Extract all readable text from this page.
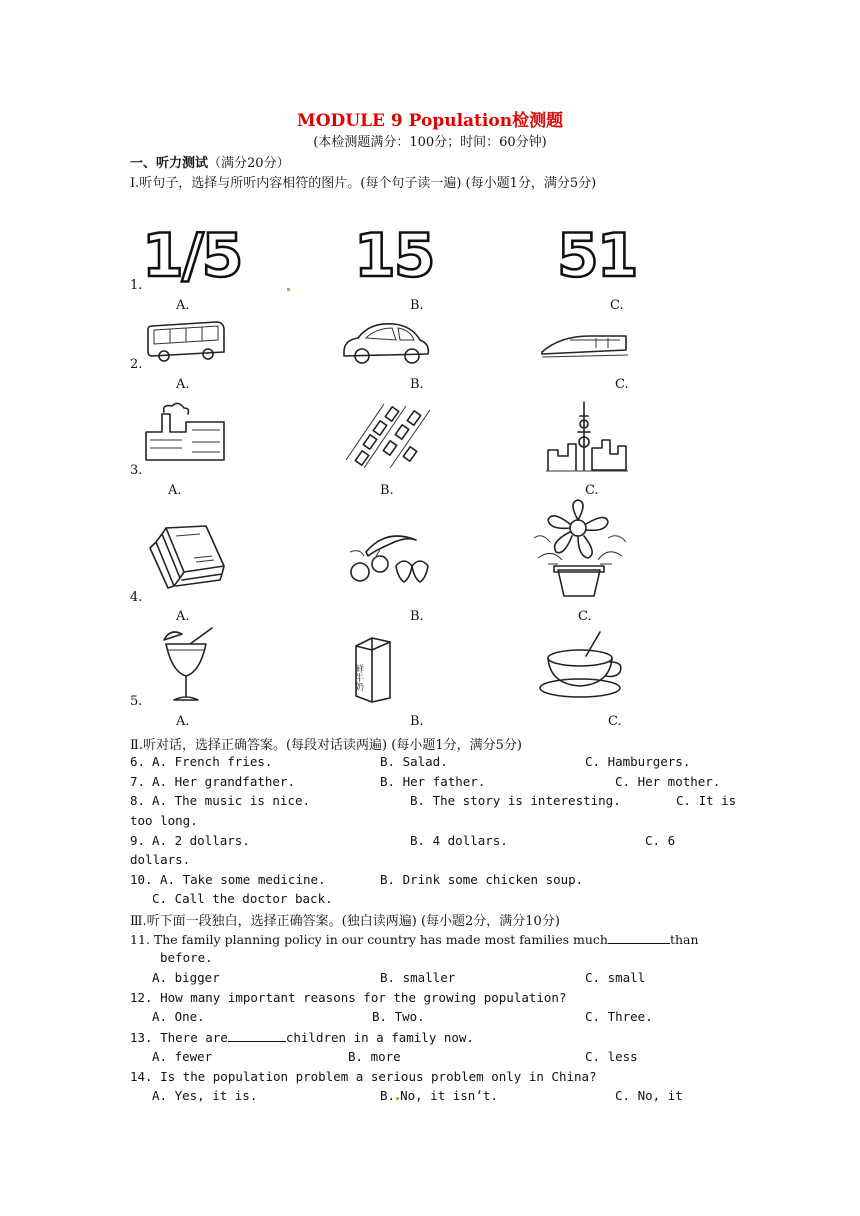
MODULE 9 Population检测题
(本检测题满分：100分；时间：60分钟)
一、听力测试（满分20分）
Ⅰ.听句子，选择与所听内容相符的图片。(每个句子读一遍) (每小题1分，满分5分)
1/5 15 51
1.
A.	B.	C.
2.
A.	B.	C.
3.
A.	B.	C.
4.
A.	B.	C.
鲜牛奶
5.
A.	B.	C.
Ⅱ.听对话，选择正确答案。(每段对话读两遍) (每小题1分，满分5分)
6. A. French fries.	B. Salad.	C. Hamburgers.
7. A. Her grandfather.	B. Her father.	C. Her mother.
8. A. The music is nice.	B. The story is interesting.	C. It is
too long.
9. A. 2 dollars.	B. 4 dollars.	C. 6
dollars.
10. A. Take some medicine.	B. Drink some chicken soup.
C. Call the doctor back.
Ⅲ.听下面一段独白，选择正确答案。(独白读两遍) (每小题2分，满分10分)
11. The family planning policy in our country has made most families much	than
before.
A. bigger	B. smaller	C. small
12. How many important reasons for the growing population?
A. One.	B. Two.	C. Three.
13. There are	children in a family now.
A. fewer	B. more	C. less
14. Is the population problem a serious problem only in China?
A. Yes, it is.	B. No, it isn’t.	C. No, it
